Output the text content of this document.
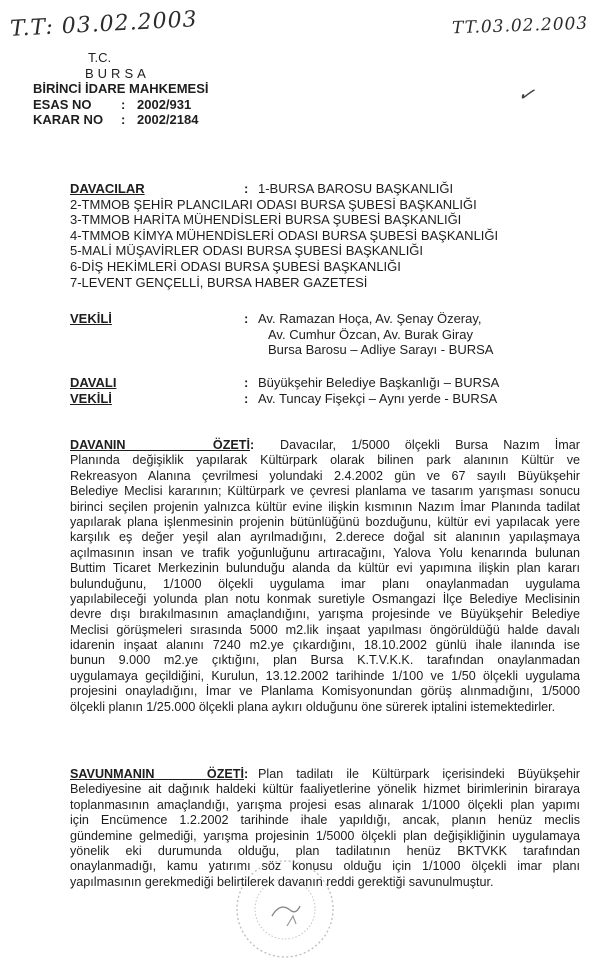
T.T: 03.02.2003	TT.03.02.2003
✓
T.C.
BURSA
BİRİNCİ İDARE MAHKEMESİ
ESAS NO	: 2002/931
KARAR NO	: 2002/2184
DAVACILAR	: 1-BURSA BAROSU BAŞKANLIĞI
2-TMMOB ŞEHİR PLANCILARI ODASI BURSA ŞUBESİ BAŞKANLIĞI
3-TMMOB HARİTA MÜHENDİSLERİ BURSA ŞUBESİ BAŞKANLIĞI
4-TMMOB KİMYA MÜHENDİSLERİ ODASI BURSA ŞUBESİ BAŞKANLIĞI
5-MALİ MÜŞAVİRLER ODASI BURSA ŞUBESİ BAŞKANLIĞI
6-DİŞ HEKİMLERİ ODASI BURSA ŞUBESİ BAŞKANLIĞI
7-LEVENT GENÇELLİ, BURSA HABER GAZETESİ
VEKİLİ	: Av. Ramazan Hoça, Av. Şenay Özeray,
Av. Cumhur Özcan, Av. Burak Giray
Bursa Barosu – Adliye Sarayı - BURSA
DAVALI	: Büyükşehir Belediye Başkanlığı – BURSA
VEKİLİ	: Av. Tuncay Fişekçi – Aynı yerde - BURSA
DAVANIN ÖZETİ: Davacılar, 1/5000 ölçekli Bursa Nazım İmar
Planında değişiklik yapılarak Kültürpark olarak bilinen park alanının Kültür ve
Rekreasyon Alanına çevrilmesi yolundaki 2.4.2002 gün ve 67 sayılı Büyükşehir
Belediye Meclisi kararının; Kültürpark ve çevresi planlama ve tasarım yarışması sonucu
birinci seçilen projenin yalnızca kültür evine ilişkin kısmının Nazım İmar Planında tadilat
yapılarak plana işlenmesinin projenin bütünlüğünü bozduğunu, kültür evi yapılacak yere
karşılık eş değer yeşil alan ayrılmadığını, 2.derece doğal sit alanının yapılaşmaya
açılmasının insan ve trafik yoğunluğunu artıracağını, Yalova Yolu kenarında bulunan
Buttim Ticaret Merkezinin bulunduğu alanda da kültür evi yapımına ilişkin plan kararı
bulunduğunu, 1/1000 ölçekli uygulama imar planı onaylanmadan uygulama
yapılabileceği yolunda plan notu konmak suretiyle Osmangazi İlçe Belediye Meclisinin
devre dışı bırakılmasının amaçlandığını, yarışma projesinde ve Büyükşehir Belediye
Meclisi görüşmeleri sırasında 5000 m2.lik inşaat yapılması öngörüldüğü halde davalı
idarenin inşaat alanını 7240 m2.ye çıkardığını, 18.10.2002 günlü ihale ilanında ise
bunun 9.000 m2.ye çıktığını, plan Bursa K.T.V.K.K. tarafından onaylanmadan
uygulamaya geçildiğini, Kurulun, 13.12.2002 tarihinde 1/100 ve 1/50 ölçekli uygulama
projesini onayladığını, İmar ve Planlama Komisyonundan görüş alınmadığını, 1/5000
ölçekli planın 1/25.000 ölçekli plana aykırı olduğunu öne sürerek iptalini istemektedirler.
SAVUNMANIN ÖZETİ: Plan tadilatı ile Kültürpark içerisindeki Büyükşehir
Belediyesine ait dağınık haldeki kültür faaliyetlerine yönelik hizmet birimlerinin biraraya
toplanmasının amaçlandığı, yarışma projesi esas alınarak 1/1000 ölçekli plan yapımı
için Encümence 1.2.2002 tarihinde ihale yapıldığı, ancak, planın henüz meclis
gündemine gelmediği, yarışma projesinin 1/5000 ölçekli plan değişikliğinin uygulamaya
yönelik eki durumunda olduğu, plan tadilatının henüz BKTVKK tarafından
onaylanmadığı, kamu yatırımı söz konusu olduğu için 1/1000 ölçekli imar planı
yapılmasının gerekmediği belirtilerek davanın reddi gerektiği savunulmuştur.
